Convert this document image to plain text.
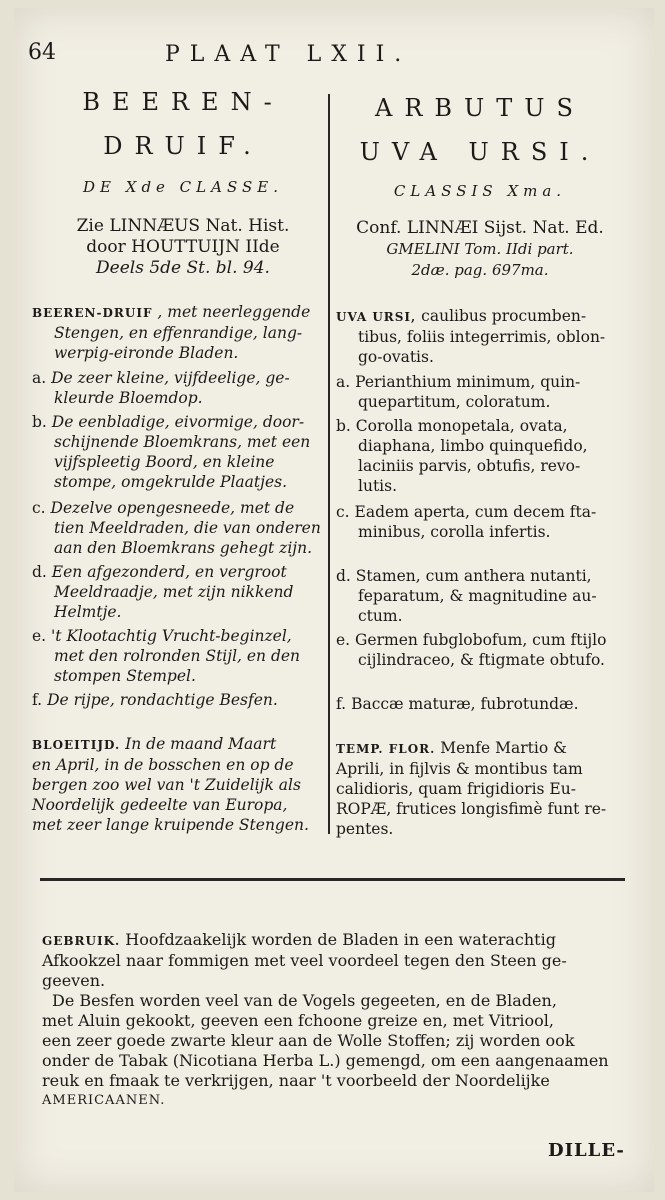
64	PLAAT LXII.
BEEREN-
DRUIF.
DE Xde CLASSE.
Zie LINNÆUS Nat. Hist.
door HOUTTUIJN IIde
Deels 5de St. bl. 94.
ARBUTUS
UVA URSI.
CLASSIS Xma.
Conf. LINNÆI Sijst. Nat. Ed.
GMELINI Tom. IIdi part.
2dæ. pag. 697ma.
BEEREN-DRUIF , met neerleggende
Stengen, en effenrandige, lang-
werpig-eironde Bladen.
a. De zeer kleine, vijfdeelige, ge-
kleurde Bloemdop.
b. De eenbladige, eivormige, door-
schijnende Bloemkrans, met een
vijfspleetig Boord, en kleine
stompe, omgekrulde Plaatjes.
c. Dezelve opengesneede, met de
tien Meeldraden, die van onderen
aan den Bloemkrans gehegt zijn.
d. Een afgezonderd, en vergroot
Meeldraadje, met zijn nikkend
Helmtje.
e. 't Klootachtig Vrucht-beginzel,
met den rolronden Stijl, en den
stompen Stempel.
f. De rijpe, rondachtige Besfen.
BLOEITIJD. In de maand Maart
en April, in de bosschen en op de
bergen zoo wel van 't Zuidelijk als
Noordelijk gedeelte van Europa,
met zeer lange kruipende Stengen.
UVA URSI, caulibus procumben-
tibus, foliis integerrimis, oblon-
go-ovatis.
a. Perianthium minimum, quin-
quepartitum, coloratum.
b. Corolla monopetala, ovata,
diaphana, limbo quinquefido,
laciniis parvis, obtufis, revo-
lutis.
c. Eadem aperta, cum decem fta-
minibus, corolla infertis.
d. Stamen, cum anthera nutanti,
feparatum, & magnitudine au-
ctum.
e. Germen fubglobofum, cum ftijlo
cijlindraceo, & ftigmate obtufo.
f. Baccæ maturæ, fubrotundæ.
TEMP. FLOR. Menfe Martio &
Aprili, in fijlvis & montibus tam
calidioris, quam frigidioris Eu-
ROPÆ, frutices longisfimè funt re-
pentes.

GEBRUIK. Hoofdzaakelijk worden de Bladen in een waterachtig

Afkookzel naar fommigen met veel voordeel tegen den Steen ge-

geeven.

De Besfen worden veel van de Vogels gegeeten, en de Bladen,

met Aluin gekookt, geeven een fchoone greize en, met Vitriool,

een zeer goede zwarte kleur aan de Wolle Stoffen; zij worden ook

onder de Tabak (Nicotiana Herba L.) gemengd, om een aangenaamen

reuk en fmaak te verkrijgen, naar 't voorbeeld der Noordelijke

AMERICAANEN.

DILLE-
